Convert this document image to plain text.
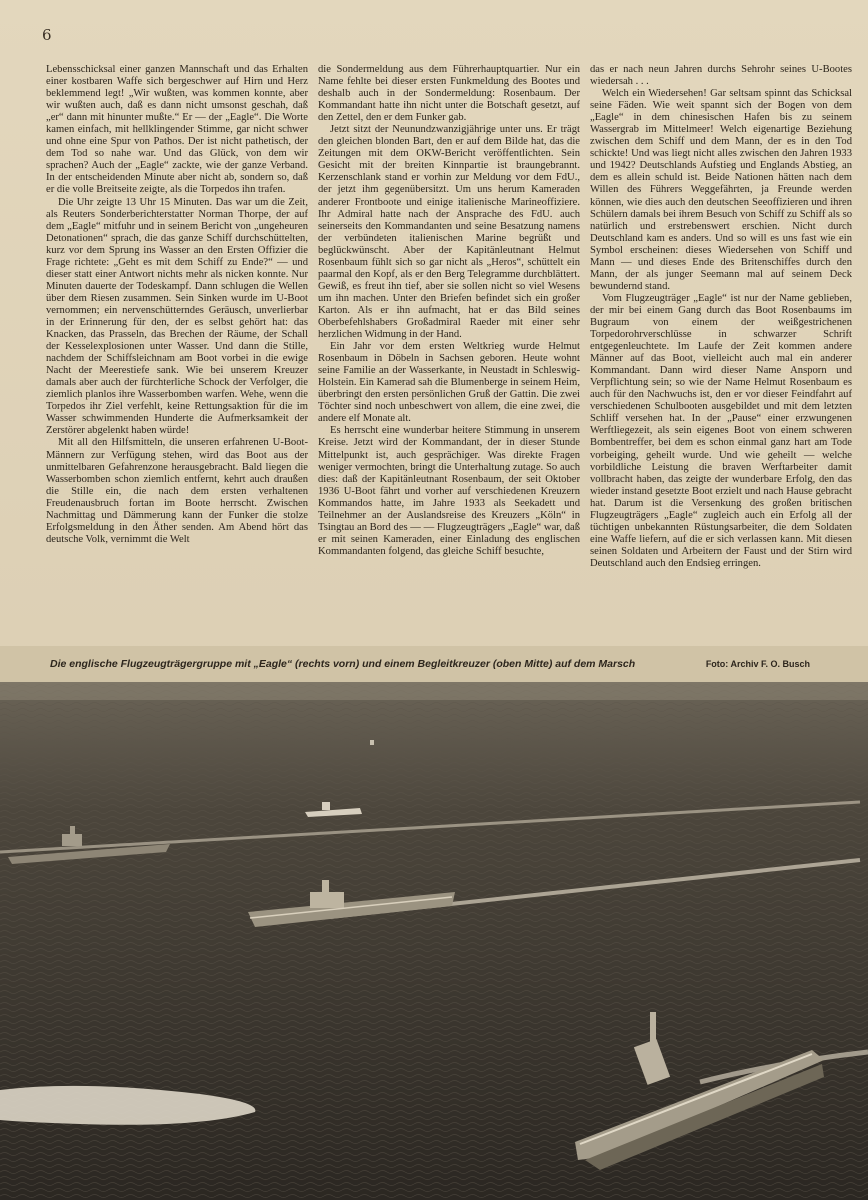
6

Lebensschicksal einer ganzen Mannschaft und das Erhalten einer kostbaren Waffe sich bergeschwer auf Hirn und Herz beklemmend legt! „Wir wußten, was kommen konnte, aber wir wußten auch, daß es dann nicht umsonst geschah, daß „er“ dann mit hinunter mußte.“ Er — der „Eagle“. Die Worte kamen einfach, mit hellklingender Stimme, gar nicht schwer und ohne eine Spur von Pathos. Der ist nicht pathetisch, der dem Tod so nahe war. Und das Glück, von dem wir sprachen? Auch der „Eagle“ zackte, wie der ganze Verband. In der entscheidenden Minute aber nicht ab, sondern so, daß er die volle Breitseite zeigte, als die Torpedos ihn trafen.

Die Uhr zeigte 13 Uhr 15 Minuten. Das war um die Zeit, als Reuters Sonderberichterstatter Norman Thorpe, der auf dem „Eagle“ mitfuhr und in seinem Bericht von „ungeheuren Detonationen“ sprach, die das ganze Schiff durchschüttelten, kurz vor dem Sprung ins Wasser an den Ersten Offizier die Frage richtete: „Geht es mit dem Schiff zu Ende?“ — und dieser statt einer Antwort nichts mehr als nicken konnte. Nur Minuten dauerte der Todeskampf. Dann schlugen die Wellen über dem Riesen zusammen. Sein Sinken wurde im U-Boot vernommen; ein nervenschütterndes Geräusch, unverlierbar in der Erinnerung für den, der es selbst gehört hat: das Knacken, das Prasseln, das Brechen der Räume, der Schall der Kesselexplosionen unter Wasser. Und dann die Stille, nachdem der Schiffsleichnam am Boot vorbei in die ewige Nacht der Meerestiefe sank. Wie bei unserem Kreuzer damals aber auch der fürchterliche Schock der Verfolger, die ziemlich planlos ihre Wasserbomben warfen. Wehe, wenn die Torpedos ihr Ziel verfehlt, keine Rettungsaktion für die im Wasser schwimmenden Hunderte die Aufmerksamkeit der Zerstörer abgelenkt haben würde!

Mit all den Hilfsmitteln, die unseren erfahrenen U-Boot-Männern zur Verfügung stehen, wird das Boot aus der unmittelbaren Gefahrenzone herausgebracht. Bald liegen die Wasserbomben schon ziemlich entfernt, kehrt auch draußen die Stille ein, die nach dem ersten verhaltenen Freudenausbruch fortan im Boote herrscht. Zwischen Nachmittag und Dämmerung kann der Funker die stolze Erfolgsmeldung in den Äther senden. Am Abend hört das deutsche Volk, vernimmt die Welt

die Sondermeldung aus dem Führerhauptquartier. Nur ein Name fehlte bei dieser ersten Funkmeldung des Bootes und deshalb auch in der Sondermeldung: Rosenbaum. Der Kommandant hatte ihn nicht unter die Botschaft gesetzt, auf den Zettel, den er dem Funker gab.

Jetzt sitzt der Neunundzwanzigjährige unter uns. Er trägt den gleichen blonden Bart, den er auf dem Bilde hat, das die Zeitungen mit dem OKW-Bericht veröffentlichten. Sein Gesicht mit der breiten Kinnpartie ist braungebrannt. Kerzenschlank stand er vorhin zur Meldung vor dem FdU., der jetzt ihm gegenübersitzt. Um uns herum Kameraden anderer Frontboote und einige italienische Marineoffiziere. Ihr Admiral hatte nach der Ansprache des FdU. auch seinerseits den Kommandanten und seine Besatzung namens der verbündeten italienischen Marine begrüßt und beglückwünscht. Aber der Kapitänleutnant Helmut Rosenbaum fühlt sich so gar nicht als „Heros“, schüttelt ein paarmal den Kopf, als er den Berg Telegramme durchblättert. Gewiß, es freut ihn tief, aber sie sollen nicht so viel Wesens um ihn machen. Unter den Briefen befindet sich ein großer Karton. Als er ihn aufmacht, hat er das Bild seines Oberbefehlshabers Großadmiral Raeder mit einer sehr herzlichen Widmung in der Hand.

Ein Jahr vor dem ersten Weltkrieg wurde Helmut Rosenbaum in Döbeln in Sachsen geboren. Heute wohnt seine Familie an der Wasserkante, in Neustadt in Schleswig-Holstein. Ein Kamerad sah die Blumenberge in seinem Heim, überbringt den ersten persönlichen Gruß der Gattin. Die zwei Töchter sind noch unbeschwert von allem, die eine zwei, die andere elf Monate alt.

Es herrscht eine wunderbar heitere Stimmung in unserem Kreise. Jetzt wird der Kommandant, der in dieser Stunde Mittelpunkt ist, auch gesprächiger. Was direkte Fragen weniger vermochten, bringt die Unterhaltung zutage. So auch dies: daß der Kapitänleutnant Rosenbaum, der seit Oktober 1936 U-Boot fährt und vorher auf verschiedenen Kreuzern Kommandos hatte, im Jahre 1933 als Seekadett und Teilnehmer an der Auslandsreise des Kreuzers „Köln“ in Tsingtau an Bord des — — Flugzeugträgers „Eagle“ war, daß er mit seinen Kameraden, einer Einladung des englischen Kommandanten folgend, das gleiche Schiff besuchte,

das er nach neun Jahren durchs Sehrohr seines U-Bootes wiedersah . . .

Welch ein Wiedersehen! Gar seltsam spinnt das Schicksal seine Fäden. Wie weit spannt sich der Bogen von dem „Eagle“ in dem chinesischen Hafen bis zu seinem Wassergrab im Mittelmeer! Welch eigenartige Beziehung zwischen dem Schiff und dem Mann, der es in den Tod schickte! Und was liegt nicht alles zwischen den Jahren 1933 und 1942? Deutschlands Aufstieg und Englands Abstieg, an dem es allein schuld ist. Beide Nationen hätten nach dem Willen des Führers Weggefährten, ja Freunde werden können, wie dies auch den deutschen Seeoffizieren und ihren Schülern damals bei ihrem Besuch von Schiff zu Schiff als so natürlich und erstrebenswert erschien. Nicht durch Deutschland kam es anders. Und so will es uns fast wie ein Symbol erscheinen: dieses Wiedersehen von Schiff und Mann — und dieses Ende des Britenschiffes durch den Mann, der als junger Seemann mal auf seinem Deck bewundernd stand.

Vom Flugzeugträger „Eagle“ ist nur der Name geblieben, der mir bei einem Gang durch das Boot Rosenbaums im Bugraum von einem der weißgestrichenen Torpedorohrverschlüsse in schwarzer Schrift entgegenleuchtete. Im Laufe der Zeit kommen andere Männer auf das Boot, vielleicht auch mal ein anderer Kommandant. Dann wird dieser Name Ansporn und Verpflichtung sein; so wie der Name Helmut Rosenbaum es auch für den Nachwuchs ist, den er vor dieser Feindfahrt auf verschiedenen Schulbooten ausgebildet und mit dem letzten Schliff versehen hat. In der „Pause“ einer erzwungenen Werftliegezeit, als sein eigenes Boot von einem schweren Bombentreffer, bei dem es schon einmal ganz hart am Tode vorbeiging, geheilt wurde. Und wie geheilt — welche vorbildliche Leistung die braven Werftarbeiter damit vollbracht haben, das zeigte der wunderbare Erfolg, den das wieder instand gesetzte Boot erzielt und nach Hause gebracht hat. Darum ist die Versenkung des großen britischen Flugzeugträgers „Eagle“ zugleich auch ein Erfolg all der tüchtigen unbekannten Rüstungsarbeiter, die dem Soldaten eine Waffe liefern, auf die er sich verlassen kann. Mit diesen seinen Soldaten und Arbeitern der Faust und der Stirn wird Deutschland auch den Endsieg erringen.

Die englische Flugzeugträgergruppe mit „Eagle“ (rechts vorn) und einem Begleitkreuzer (oben Mitte) auf dem Marsch	Foto: Archiv F. O. Busch
